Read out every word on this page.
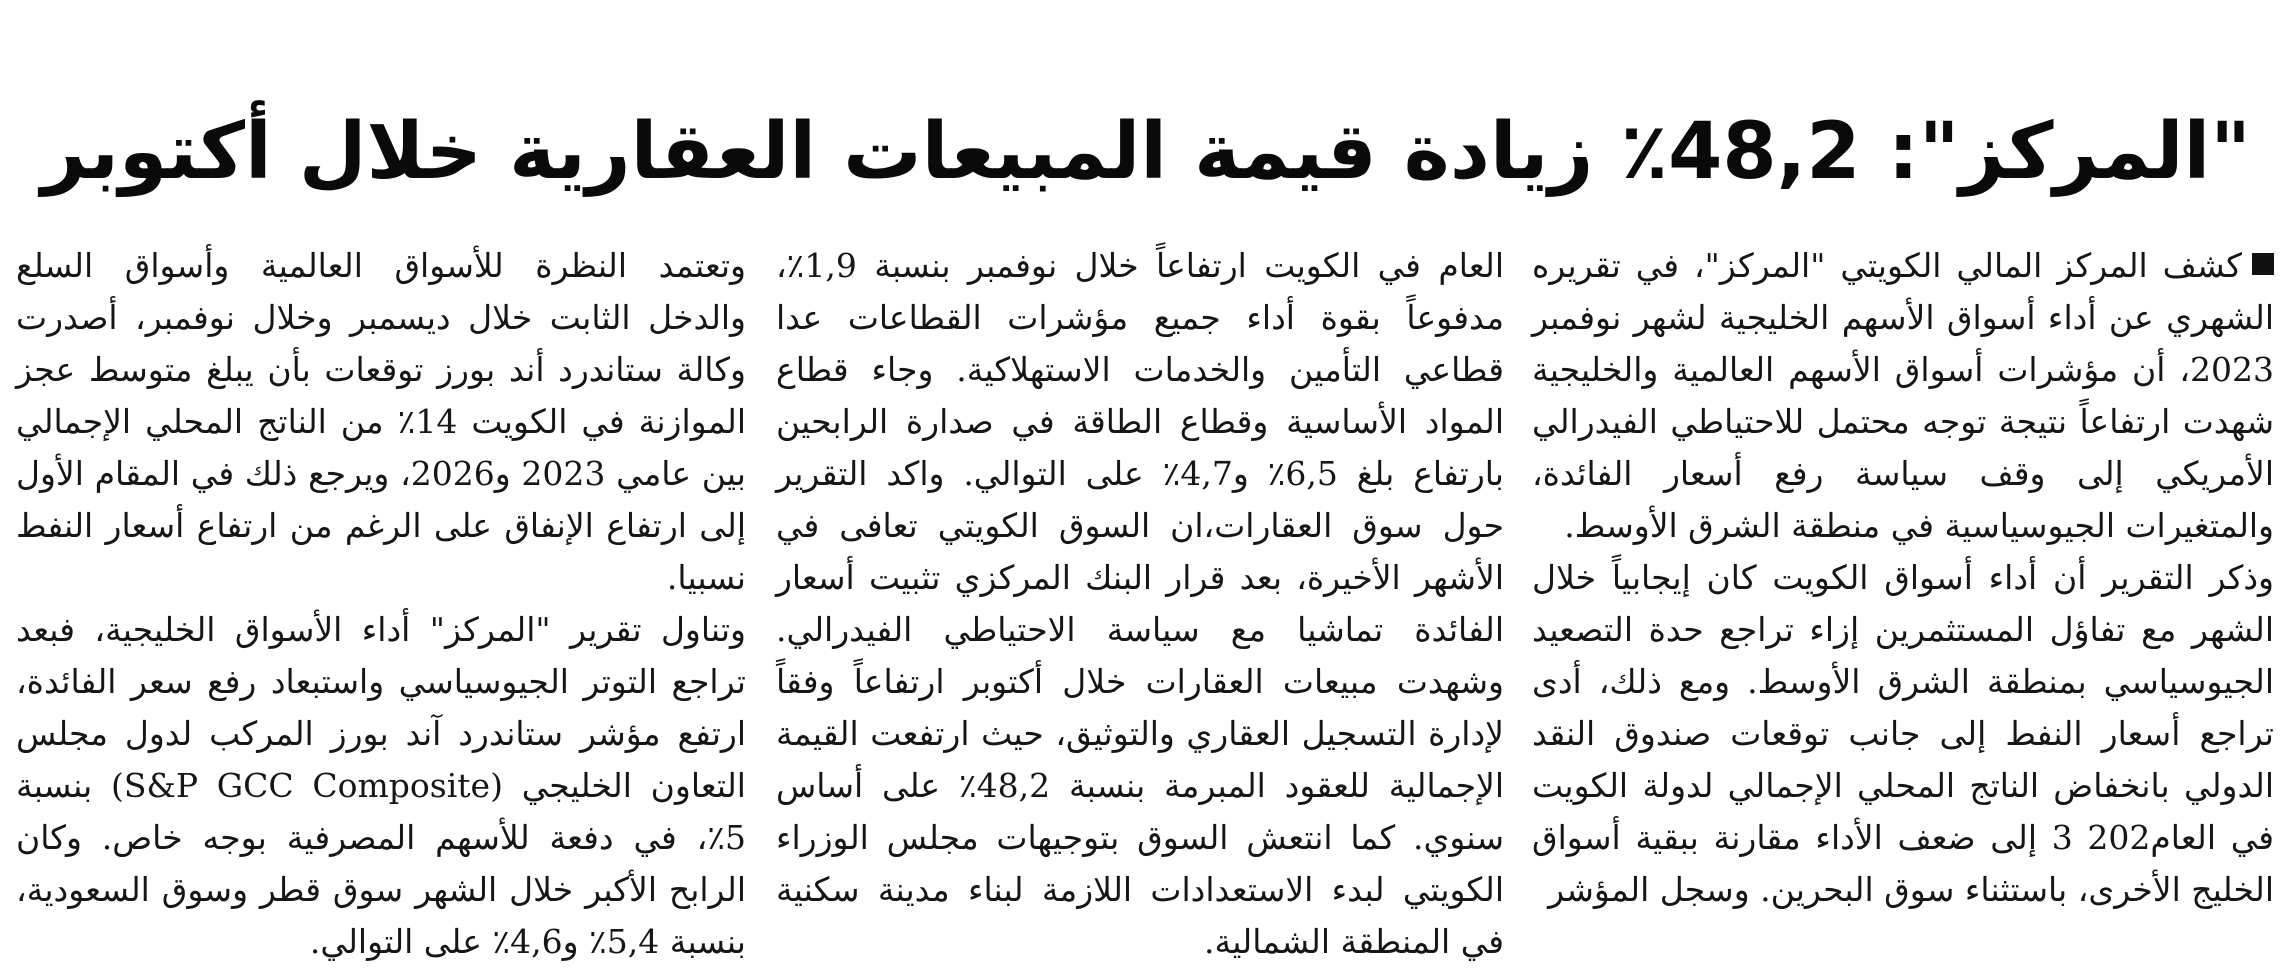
"المركز": 48,2٪ زيادة قيمة المبيعات العقارية خلال أكتوبر

كشف المركز المالي الكويتي "المركز"، في تقريره الشهري عن أداء أسواق الأسهم الخليجية لشهر نوفمبر 2023، أن مؤشرات أسواق الأسهم العالمية والخليجية شهدت ارتفاعاً نتيجة توجه محتمل للاحتياطي الفيدرالي الأمريكي إلى وقف سياسة رفع أسعار الفائدة، والمتغيرات الجيوسياسية في منطقة الشرق الأوسط.

وذكر التقرير أن أداء أسواق الكويت كان إيجابياً خلال الشهر مع تفاؤل المستثمرين إزاء تراجع حدة التصعيد الجيوسياسي بمنطقة الشرق الأوسط. ومع ذلك، أدى تراجع أسعار النفط إلى جانب توقعات صندوق النقد الدولي بانخفاض الناتج المحلي الإجمالي لدولة الكويت في العام202 3 إلى ضعف الأداء مقارنة ببقية أسواق الخليج الأخرى، باستثناء سوق البحرين. وسجل المؤشر

العام في الكويت ارتفاعاً خلال نوفمبر بنسبة 1,9٪، مدفوعاً بقوة أداء جميع مؤشرات القطاعات عدا قطاعي التأمين والخدمات الاستهلاكية. وجاء قطاع المواد الأساسية وقطاع الطاقة في صدارة الرابحين بارتفاع بلغ 6,5٪ و4,7٪ على التوالي. واكد التقرير حول سوق العقارات،ان السوق الكويتي تعافى في الأشهر الأخيرة، بعد قرار البنك المركزي تثبيت أسعار الفائدة تماشيا مع سياسة الاحتياطي الفيدرالي. وشهدت مبيعات العقارات خلال أكتوبر ارتفاعاً وفقاً لإدارة التسجيل العقاري والتوثيق، حيث ارتفعت القيمة الإجمالية للعقود المبرمة بنسبة 48,2٪ على أساس سنوي. كما انتعش السوق بتوجيهات مجلس الوزراء الكويتي لبدء الاستعدادات اللازمة لبناء مدينة سكنية في المنطقة الشمالية.

وتعتمد النظرة للأسواق العالمية وأسواق السلع والدخل الثابت خلال ديسمبر وخلال نوفمبر، أصدرت وكالة ستاندرد أند بورز توقعات بأن يبلغ متوسط عجز الموازنة في الكويت 14٪ من الناتج المحلي الإجمالي بين عامي 2023 و2026، ويرجع ذلك في المقام الأول إلى ارتفاع الإنفاق على الرغم من ارتفاع أسعار النفط نسبيا.

وتناول تقرير "المركز" أداء الأسواق الخليجية، فبعد تراجع التوتر الجيوسياسي واستبعاد رفع سعر الفائدة، ارتفع مؤشر ستاندرد آند بورز المركب لدول مجلس التعاون الخليجي (S&P GCC Composite) بنسبة 5٪، في دفعة للأسهم المصرفية بوجه خاص. وكان الرابح الأكبر خلال الشهر سوق قطر وسوق السعودية، بنسبة 5,4٪ و4,6٪ على التوالي.
